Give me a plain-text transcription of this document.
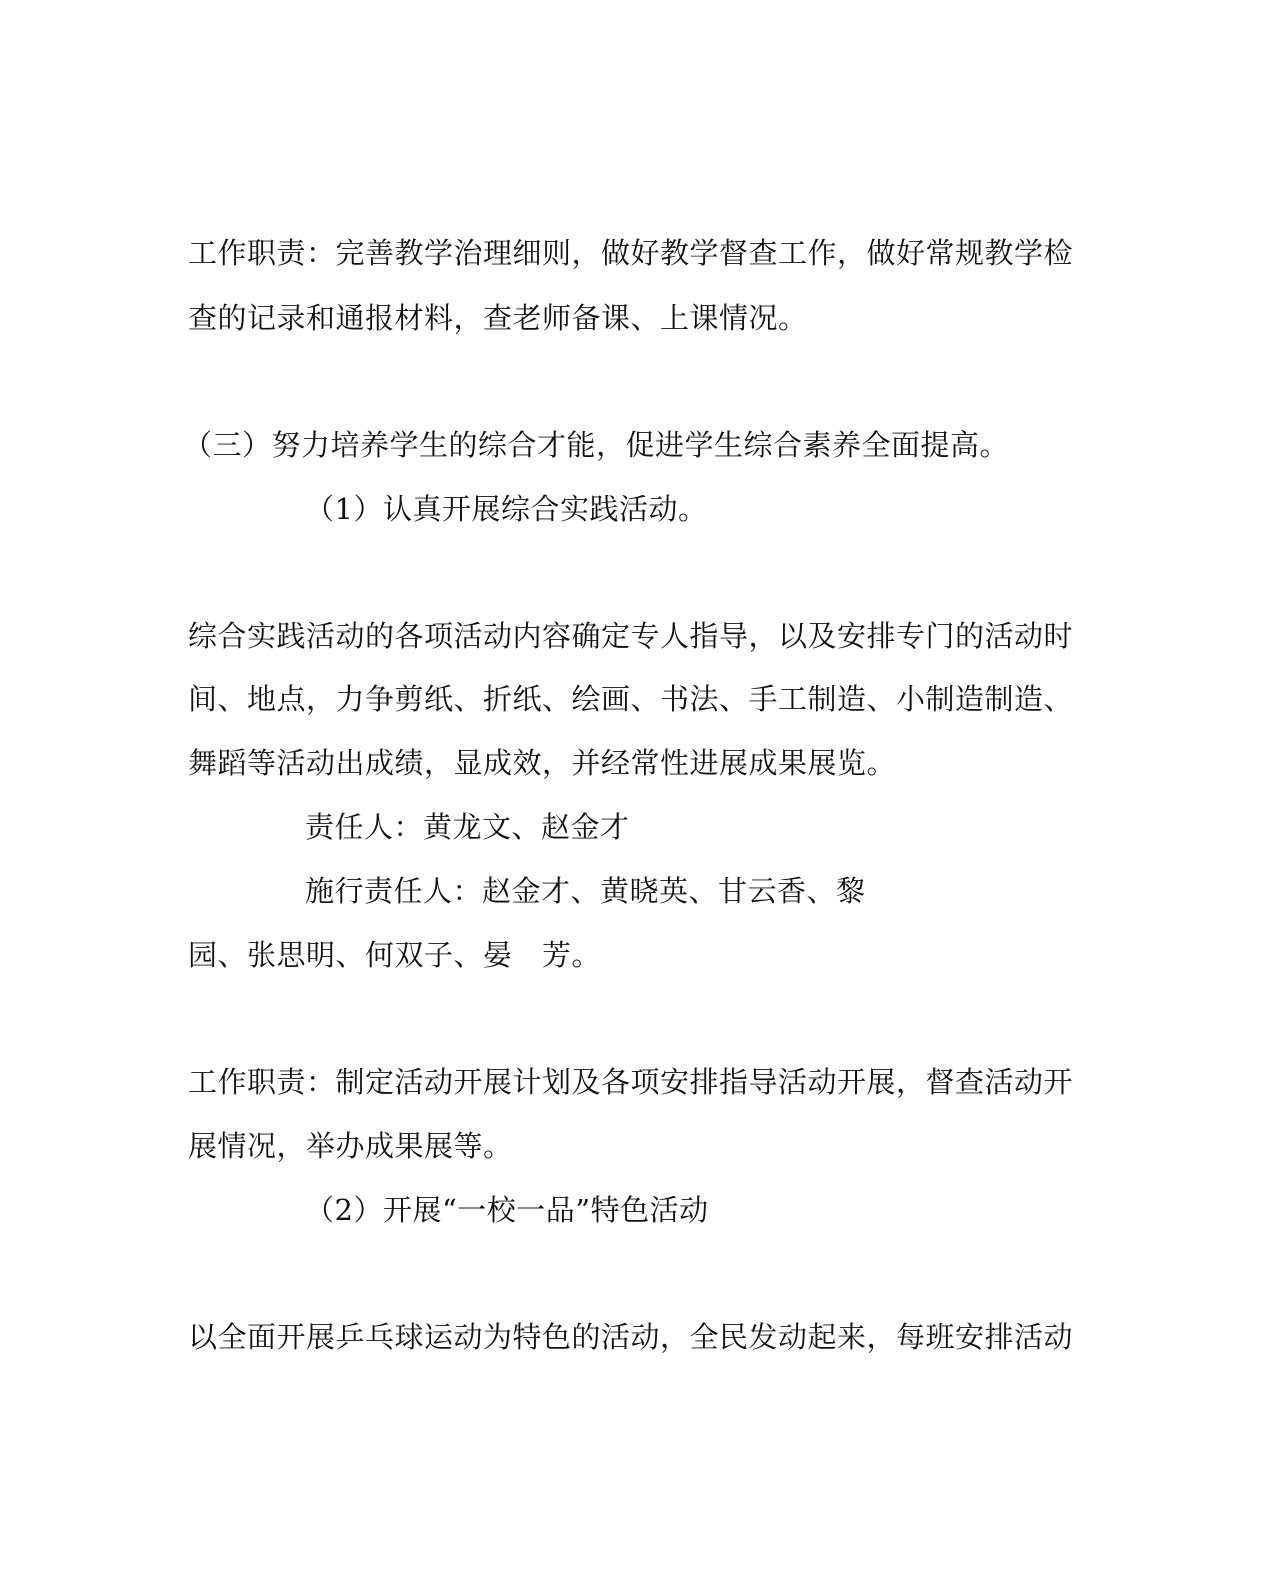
工作职责：完善教学治理细则，做好教学督查工作，做好常规教学检
查的记录和通报材料，查老师备课、上课情况。
（三）努力培养学生的综合才能，促进学生综合素养全面提高。
（1）认真开展综合实践活动。
综合实践活动的各项活动内容确定专人指导，以及安排专门的活动时
间、地点，力争剪纸、折纸、绘画、书法、手工制造、小制造制造、
舞蹈等活动出成绩，显成效，并经常性进展成果展览。
责任人：黄龙文、赵金才
施行责任人：赵金才、黄晓英、甘云香、黎
园、张思明、何双子、晏　芳。
工作职责：制定活动开展计划及各项安排指导活动开展，督查活动开
展情况，举办成果展等。
（2）开展“一校一品”特色活动
以全面开展乒乓球运动为特色的活动，全民发动起来，每班安排活动
